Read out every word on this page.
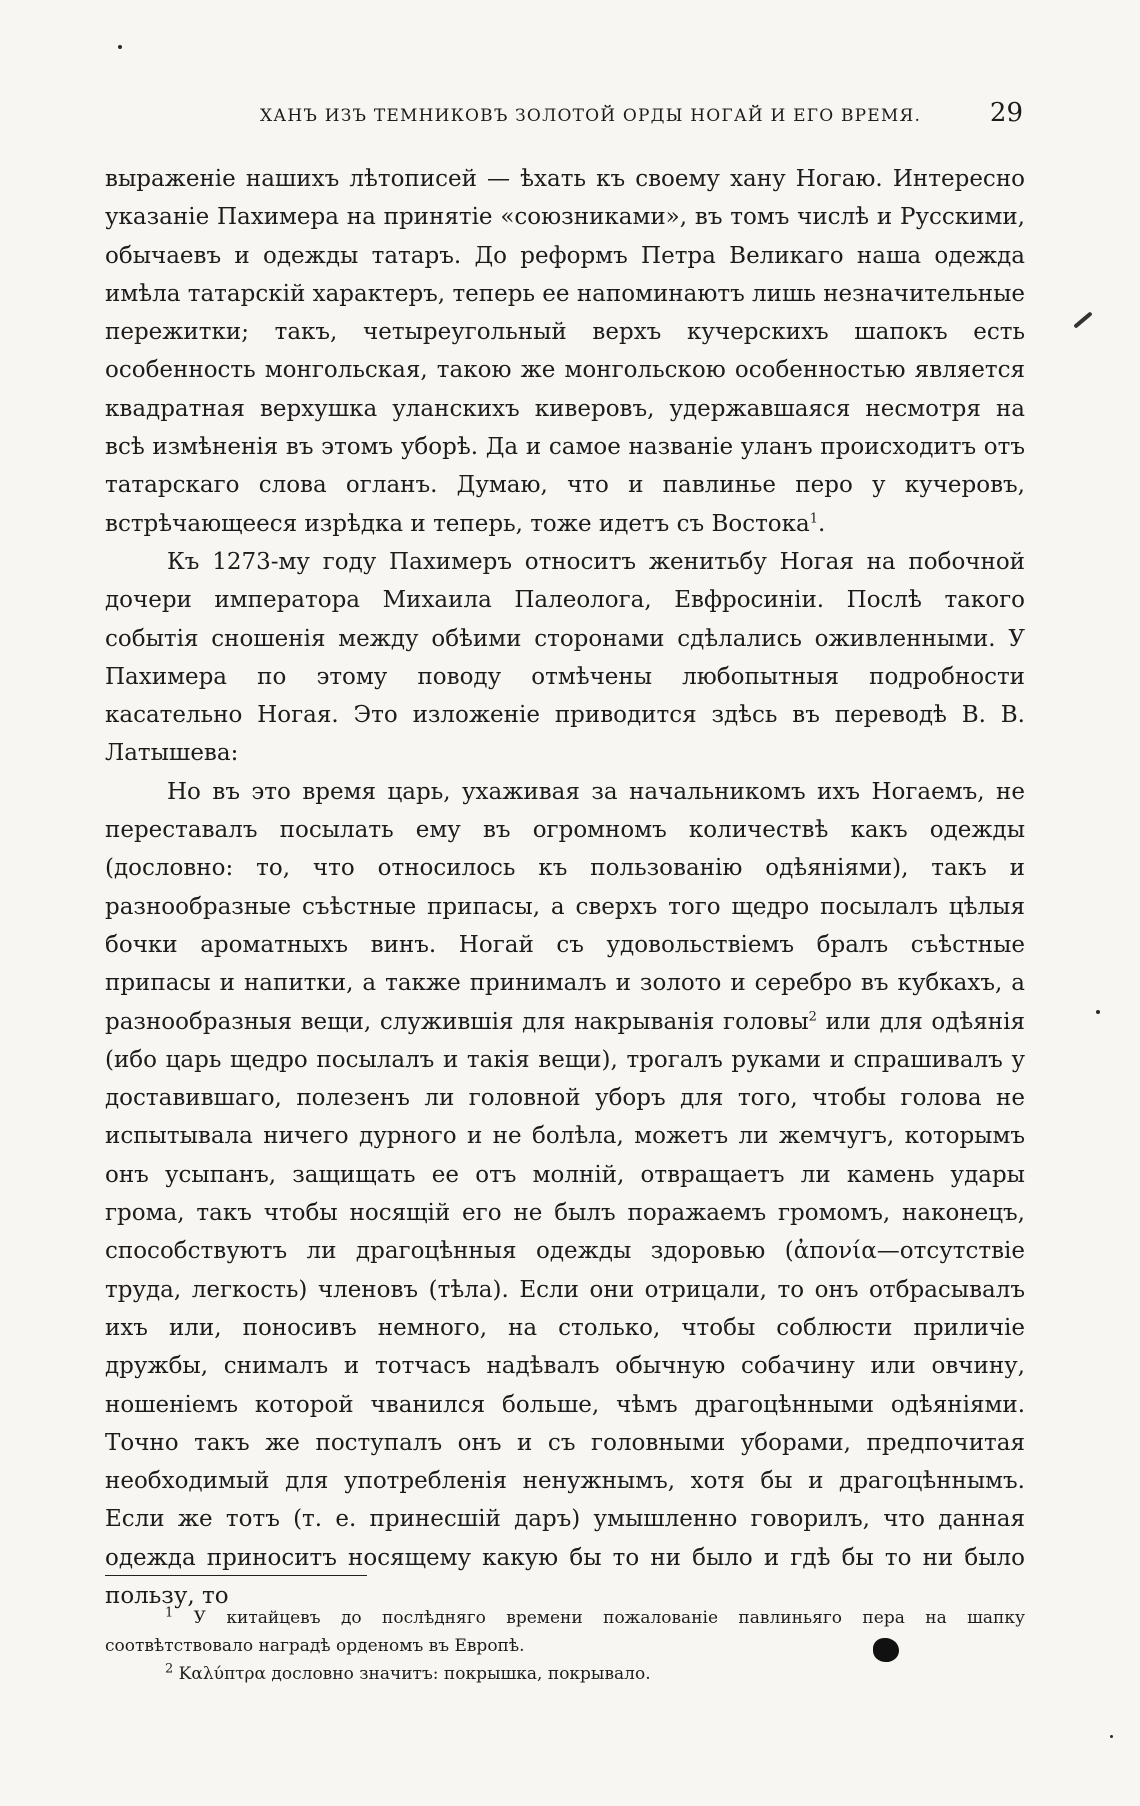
ХАНЪ ИЗЪ ТЕМНИКОВЪ ЗОЛОТОЙ ОРДЫ НОГАЙ И ЕГО ВРЕМЯ.	29

выраженіе нашихъ лѣтописей — ѣхать къ своему хану Ногаю. Интересно указаніе Пахимера на принятіе «союзниками», въ томъ числѣ и Русскими, обычаевъ и одежды татаръ. До реформъ Петра Великаго наша одежда имѣла татарскій характеръ, теперь ее напоминаютъ лишь незначительные пережитки; такъ, четыреугольный верхъ кучерскихъ шапокъ есть особенность монгольская, такою же монгольскою особенностью является квадратная верхушка уланскихъ киверовъ, удержавшаяся несмотря на всѣ измѣненія въ этомъ уборѣ. Да и самое названіе уланъ происходитъ отъ татарскаго слова огланъ. Думаю, что и павлинье перо у кучеровъ, встрѣчающееся изрѣдка и теперь, тоже идетъ съ Востока$^1$.

Къ 1273-му году Пахимеръ относитъ женитьбу Ногая на побочной дочери императора Михаила Палеолога, Евфросиніи. Послѣ такого событія сношенія между обѣими сторонами сдѣлались оживленными. У Пахимера по этому поводу отмѣчены любопытныя подробности касательно Ногая. Это изложеніе приводится здѣсь въ переводѣ В. В. Латышева:

Но въ это время царь, ухаживая за начальникомъ ихъ Ногаемъ, не переставалъ посылать ему въ огромномъ количествѣ какъ одежды (дословно: то, что относилось къ пользованію одѣяніями), такъ и разнообразные съѣстные припасы, а сверхъ того щедро посылалъ цѣлыя бочки ароматныхъ винъ. Ногай съ удовольствіемъ бралъ съѣстные припасы и напитки, а также принималъ и золото и серебро въ кубкахъ, а разнообразныя вещи, служившія для накрыванія головы$^2$ или для одѣянія (ибо царь щедро посылалъ и такія вещи), трогалъ руками и спрашивалъ у доставившаго, полезенъ ли головной уборъ для того, чтобы голова не испытывала ничего дурного и не болѣла, можетъ ли жемчугъ, которымъ онъ усыпанъ, защищать ее отъ молній, отвращаетъ ли камень удары грома, такъ чтобы носящій его не былъ поражаемъ громомъ, наконецъ, способствуютъ ли драгоцѣнныя одежды здоровью (ἀπονία—отсутствіе труда, легкость) членовъ (тѣла). Если они отрицали, то онъ отбрасывалъ ихъ или, поносивъ немного, на столько, чтобы соблюсти приличіе дружбы, снималъ и тотчасъ надѣвалъ обычную собачину или овчину, ношеніемъ которой чванился больше, чѣмъ драгоцѣнными одѣяніями. Точно такъ же поступалъ онъ и съ головными уборами, предпочитая необходимый для употребленія ненужнымъ, хотя бы и драгоцѣннымъ. Если же тотъ (т. е. принесшій даръ) умышленно говорилъ, что данная одежда приноситъ носящему какую бы то ни было и гдѣ бы то ни было пользу, то

$^1$ У китайцевъ до послѣдняго времени пожалованіе павлиньяго пера на шапку соотвѣтствовало наградѣ орденомъ въ Европѣ.

$^2$ Καλύπτρα дословно значитъ: покрышка, покрывало.
